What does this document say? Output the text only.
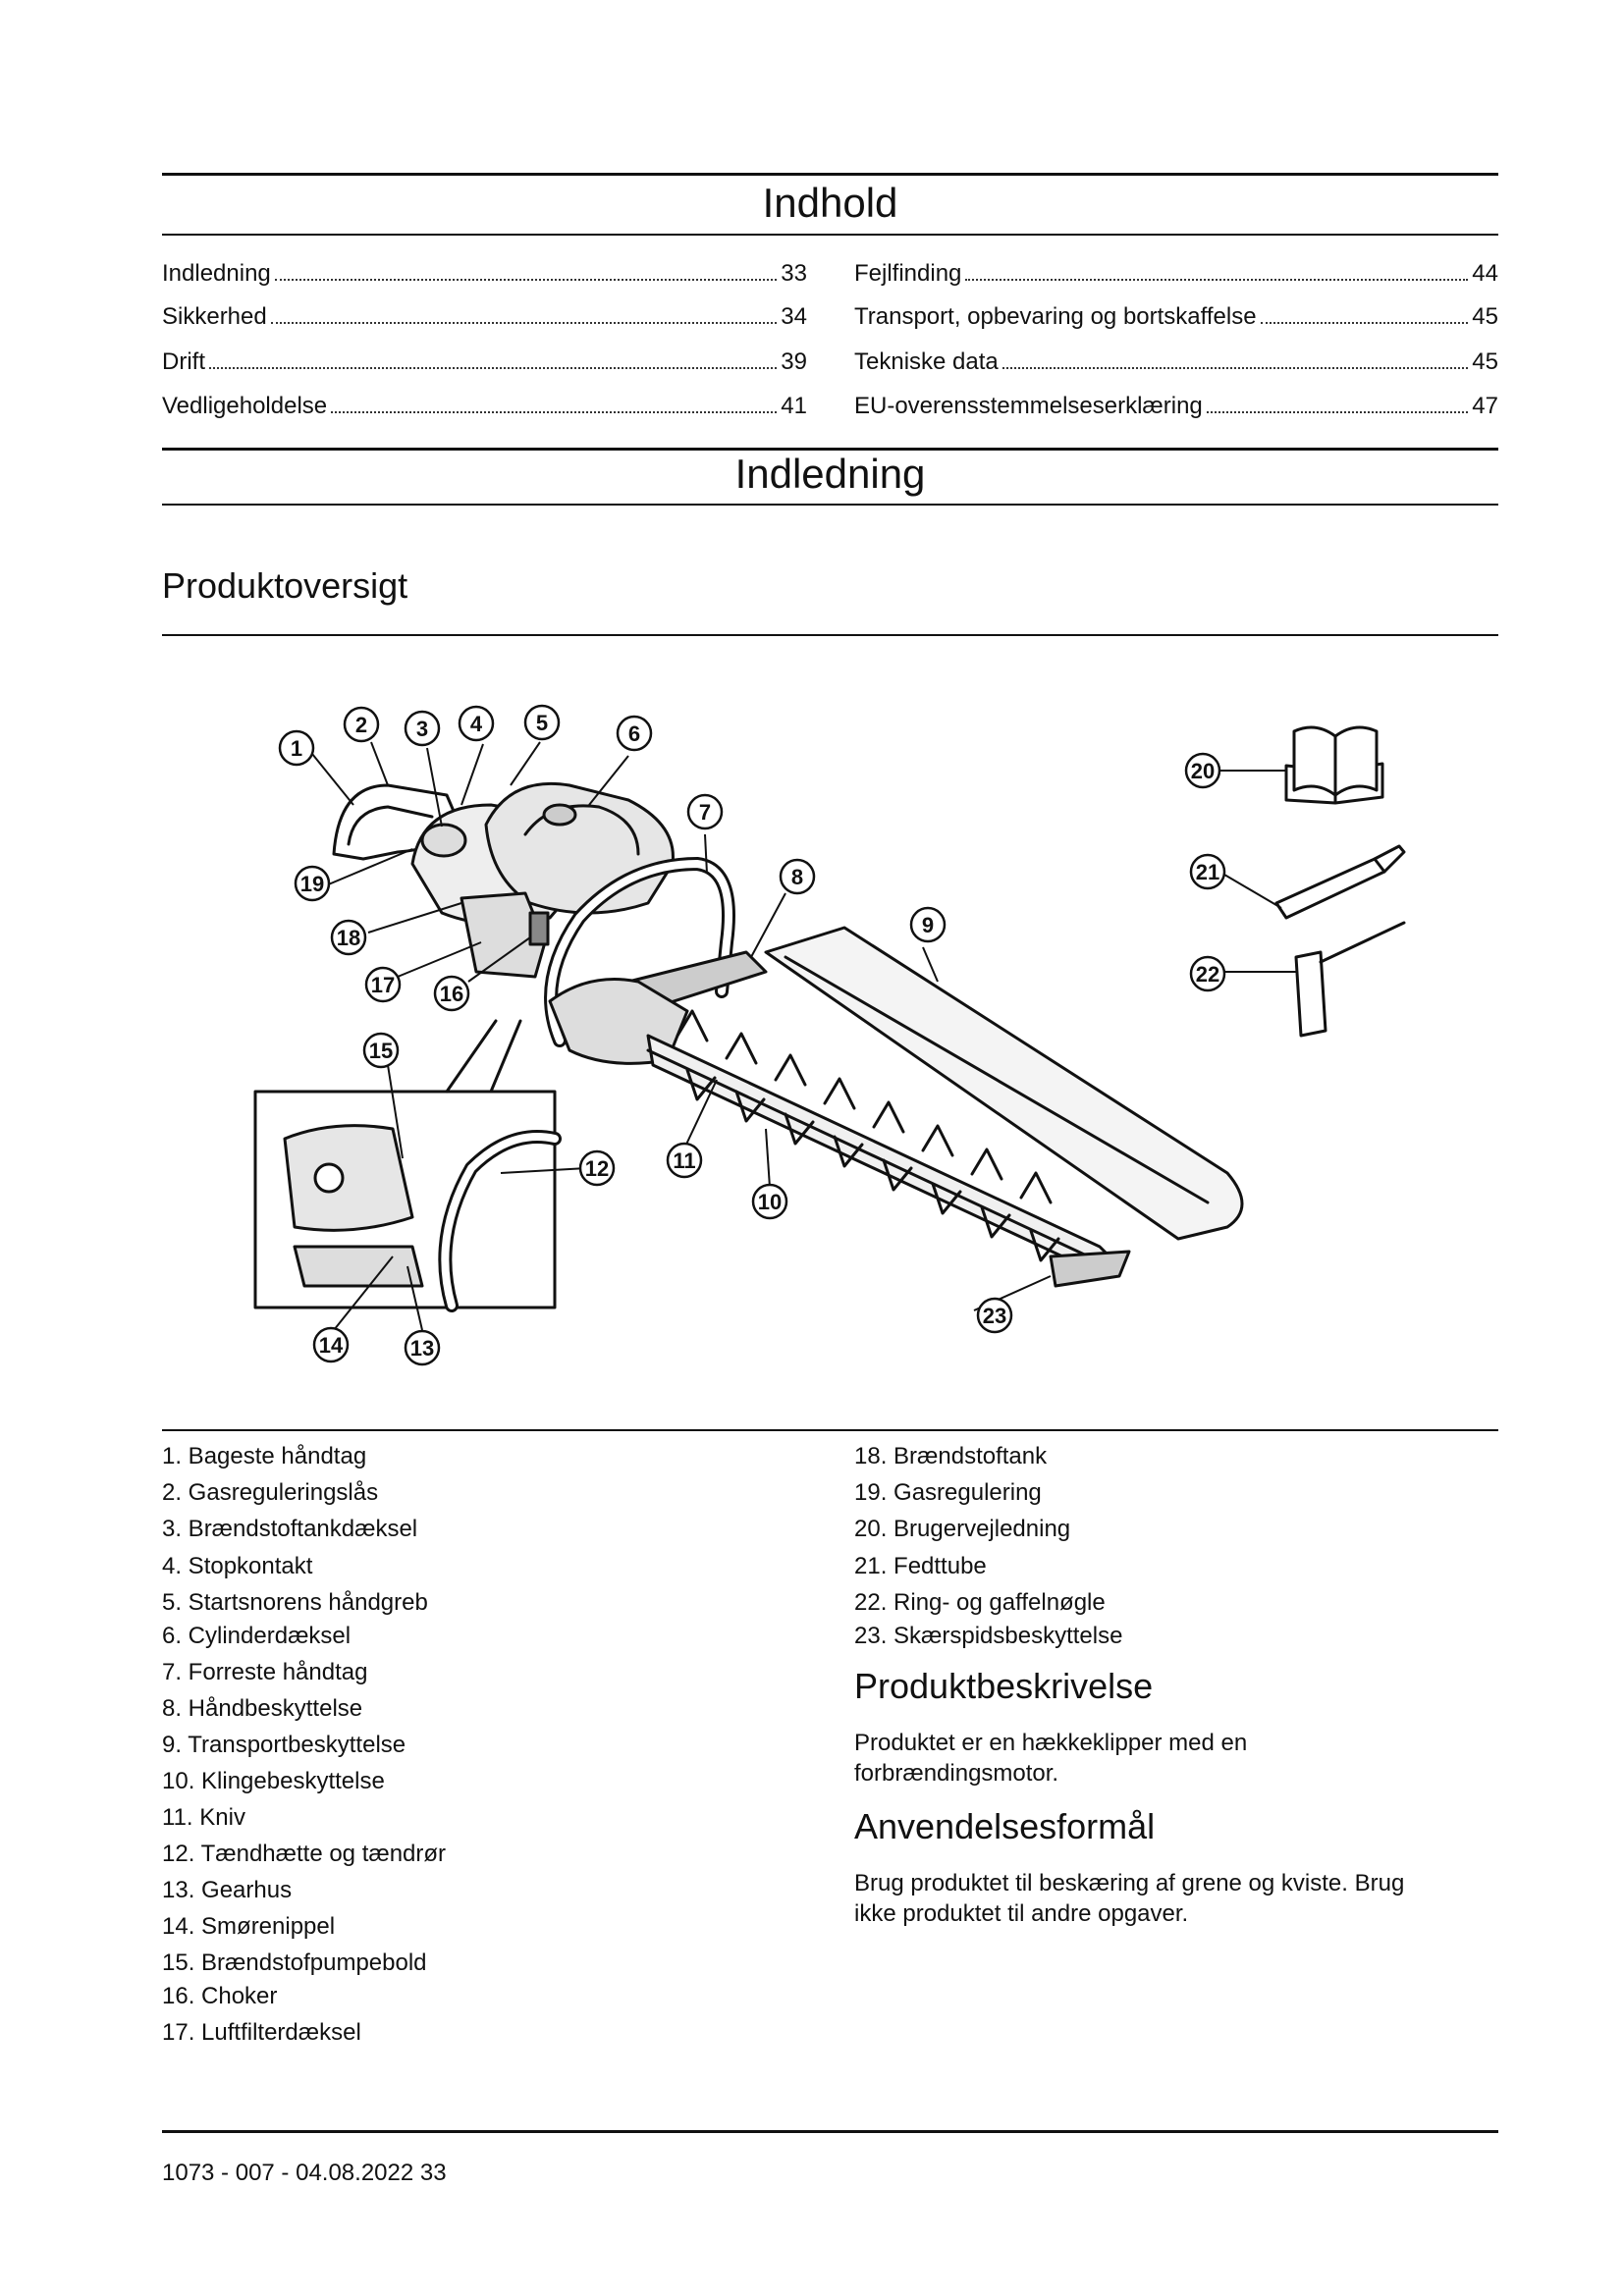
Indhold
Indledning	33
Sikkerhed	34
Drift	39
Vedligeholdelse	41
Fejlfinding	44
Transport, opbevaring og bortskaffelse	45
Tekniske data	45
EU-overensstemmelseserklæring	47
Indledning
Produktoversigt
1
2 3 4 5	6
7
8
9
10
11
12
13
14
15
16
17
18
19
20
21
22
23
1. Bageste håndtag
2. Gasreguleringslås
3. Brændstoftankdæksel
4. Stopkontakt
5. Startsnorens håndgreb
6. Cylinderdæksel
7. Forreste håndtag
8. Håndbeskyttelse
9. Transportbeskyttelse
10. Klingebeskyttelse
11. Kniv
12. Tændhætte og tændrør
13. Gearhus
14. Smørenippel
15. Brændstofpumpebold
16. Choker
17. Luftfilterdæksel
18. Brændstoftank
19. Gasregulering
20. Brugervejledning
21. Fedttube
22. Ring- og gaffelnøgle
23. Skærspidsbeskyttelse
Produktbeskrivelse
Produktet er en hækkeklipper med en
forbrændingsmotor.
Anvendelsesformål
Brug produktet til beskæring af grene og kviste. Brug
ikke produktet til andre opgaver.
1073 - 007 - 04.08.2022 33
